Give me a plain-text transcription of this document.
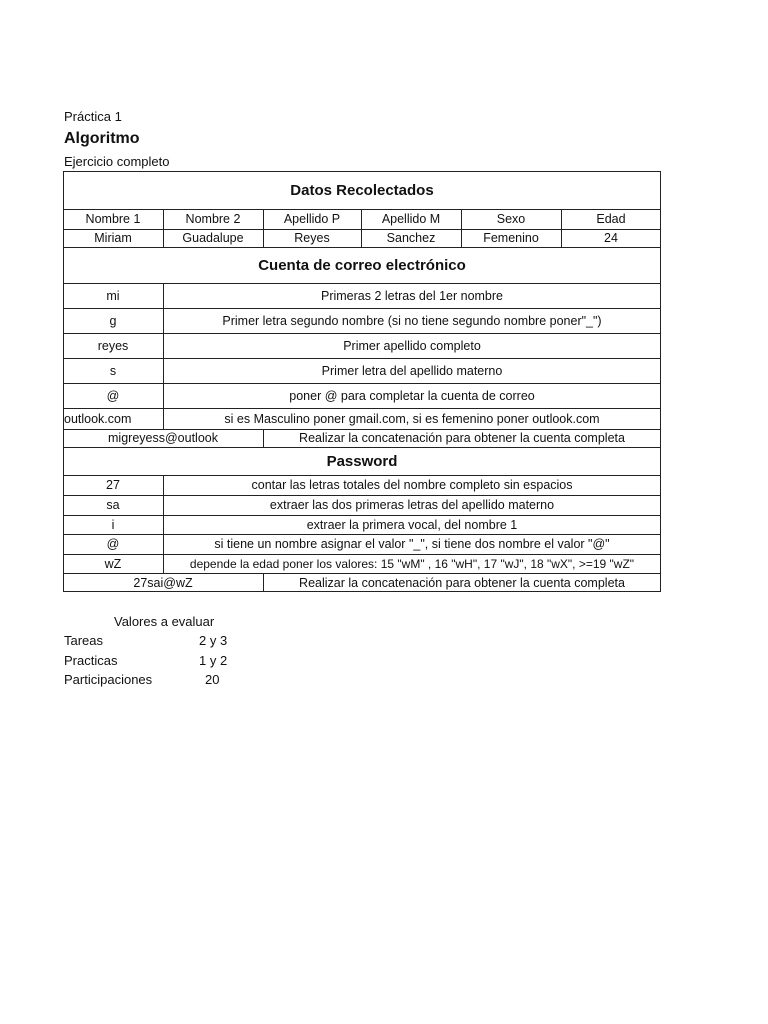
Práctica 1
Algoritmo
Ejercicio completo
Datos Recolectados
Nombre 1	Nombre 2	Apellido P	Apellido M	Sexo	Edad
Miriam	Guadalupe	Reyes	Sanchez	Femenino	24
Cuenta de correo electrónico
mi	Primeras 2 letras del 1er nombre
g	Primer letra segundo nombre (si no tiene segundo nombre poner"_")
reyes	Primer apellido completo
s	Primer letra del apellido materno
@	poner @ para completar la cuenta de correo
outlook.com	si es Masculino poner gmail.com, si es femenino poner outlook.com
migreyess@outlook	Realizar la concatenación para obtener la cuenta completa
Password
27	contar las letras totales del nombre completo sin espacios
sa	extraer las dos primeras letras del apellido materno
i	extraer la primera vocal, del nombre 1
@	si tiene un nombre asignar el valor "_", si tiene dos nombre el valor "@"
wZ	depende la edad poner los valores: 15 "wM" , 16 "wH", 17 "wJ", 18 "wX", >=19 "wZ"
27sai@wZ	Realizar la concatenación para obtener la cuenta completa
Valores a evaluar
Tareas	2 y 3
Practicas	1 y 2
Participaciones	20
